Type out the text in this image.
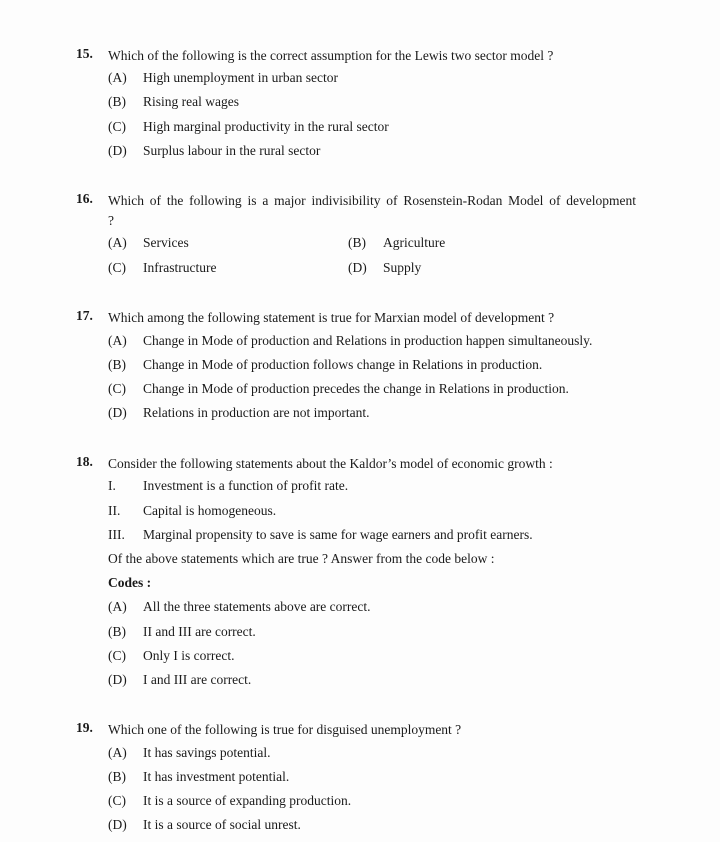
15. Which of the following is the correct assumption for the Lewis two sector model ?
(A) High unemployment in urban sector
(B) Rising real wages
(C) High marginal productivity in the rural sector
(D) Surplus labour in the rural sector
16. Which of the following is a major indivisibility of Rosenstein-Rodan Model of development ?
(A) Services	(B) Agriculture
(C) Infrastructure	(D) Supply
17. Which among the following statement is true for Marxian model of development ?
(A) Change in Mode of production and Relations in production happen simultaneously.
(B) Change in Mode of production follows change in Relations in production.
(C) Change in Mode of production precedes the change in Relations in production.
(D) Relations in production are not important.
18. Consider the following statements about the Kaldor’s model of economic growth :
I. Investment is a function of profit rate.
II. Capital is homogeneous.
III. Marginal propensity to save is same for wage earners and profit earners.
Of the above statements which are true ? Answer from the code below :
Codes :
(A) All the three statements above are correct.
(B) II and III are correct.
(C) Only I is correct.
(D) I and III are correct.
19. Which one of the following is true for disguised unemployment ?
(A) It has savings potential.
(B) It has investment potential.
(C) It is a source of expanding production.
(D) It is a source of social unrest.
